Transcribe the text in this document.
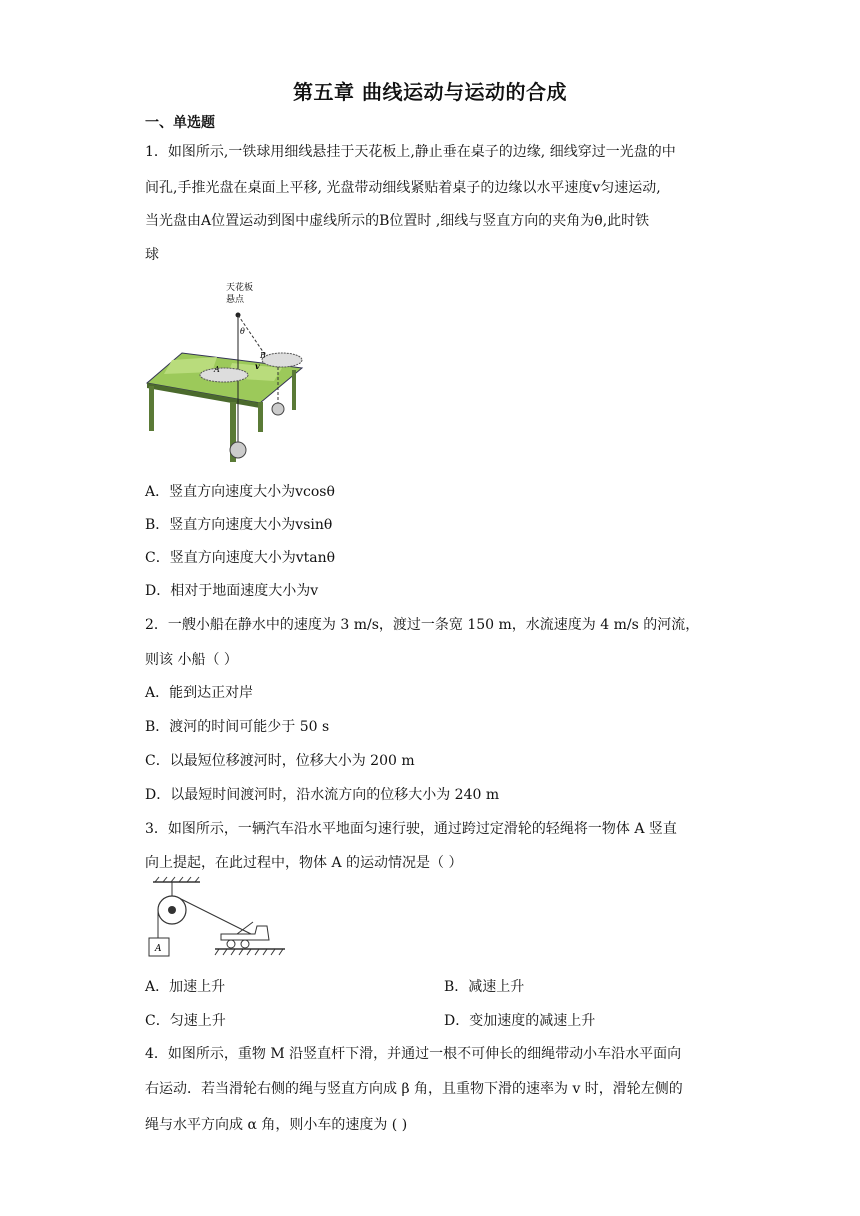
第五章 曲线运动与运动的合成
一、单选题
1．如图所示,一铁球用细线悬挂于天花板上,静止垂在桌子的边缘, 细线穿过一光盘的中
间孔,手推光盘在桌面上平移, 光盘带动细线紧贴着桌子的边缘以水平速度v匀速运动,
当光盘由A位置运动到图中虚线所示的B位置时 ,细线与竖直方向的夹角为θ,此时铁
球
天花板
悬点
θ
A
B
v
A．竖直方向速度大小为vcosθ
B．竖直方向速度大小为vsinθ
C．竖直方向速度大小为vtanθ
D．相对于地面速度大小为v
2．一艘小船在静水中的速度为 3 m/s，渡过一条宽 150 m，水流速度为 4 m/s 的河流，
则该 小船（ ）
A．能到达正对岸
B．渡河的时间可能少于 50 s
C．以最短位移渡河时，位移大小为 200 m
D．以最短时间渡河时，沿水流方向的位移大小为 240 m
3．如图所示，一辆汽车沿水平地面匀速行驶，通过跨过定滑轮的轻绳将一物体 A 竖直
向上提起，在此过程中，物体 A 的运动情况是（ ）
A
A．加速上升	B．减速上升
C．匀速上升	D．变加速度的减速上升
4．如图所示，重物 M 沿竖直杆下滑，并通过一根不可伸长的细绳带动小车沿水平面向
右运动．若当滑轮右侧的绳与竖直方向成 β 角，且重物下滑的速率为 v 时，滑轮左侧的
绳与水平方向成 α 角，则小车的速度为 ( )
